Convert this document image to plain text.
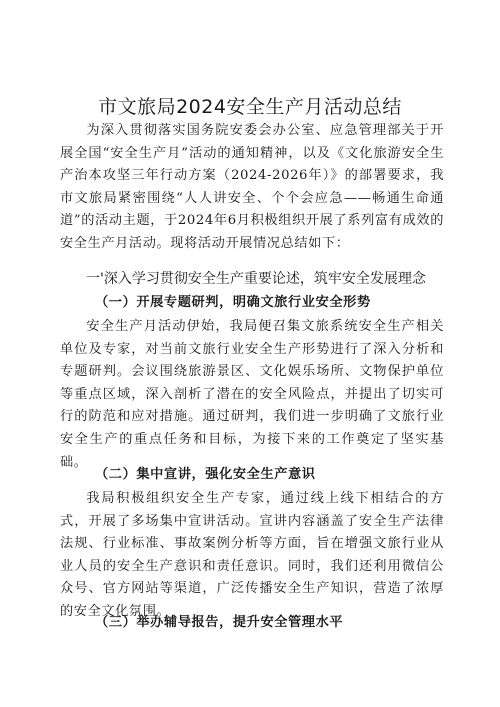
市文旅局2024安全生产月活动总结

为深入贯彻落实国务院安委会办公室、应急管理部关于开展全国“安全生产月”活动的通知精神，以及《文化旅游安全生产治本攻坚三年行动方案（2024-2026年）》的部署要求，我市文旅局紧密围绕“人人讲安全、个个会应急——畅通生命通道”的活动主题，于2024年6月积极组织开展了系列富有成效的安全生产月活动。现将活动开展情况总结如下：

一'深入学习贯彻安全生产重要论述，筑牢安全发展理念

（一）开展专题研判，明确文旅行业安全形势

安全生产月活动伊始，我局便召集文旅系统安全生产相关单位及专家，对当前文旅行业安全生产形势进行了深入分析和专题研判。会议围绕旅游景区、文化娱乐场所、文物保护单位等重点区域，深入剖析了潜在的安全风险点，并提出了切实可行的防范和应对措施。通过研判，我们进一步明确了文旅行业安全生产的重点任务和目标，为接下来的工作奠定了坚实基础。

（二）集中宣讲，强化安全生产意识

我局积极组织安全生产专家，通过线上线下相结合的方式，开展了多场集中宣讲活动。宣讲内容涵盖了安全生产法律法规、行业标准、事故案例分析等方面，旨在增强文旅行业从业人员的安全生产意识和责任意识。同时，我们还利用微信公众号、官方网站等渠道，广泛传播安全生产知识，营造了浓厚的安全文化氛围。

（三）举办辅导报告，提升安全管理水平
